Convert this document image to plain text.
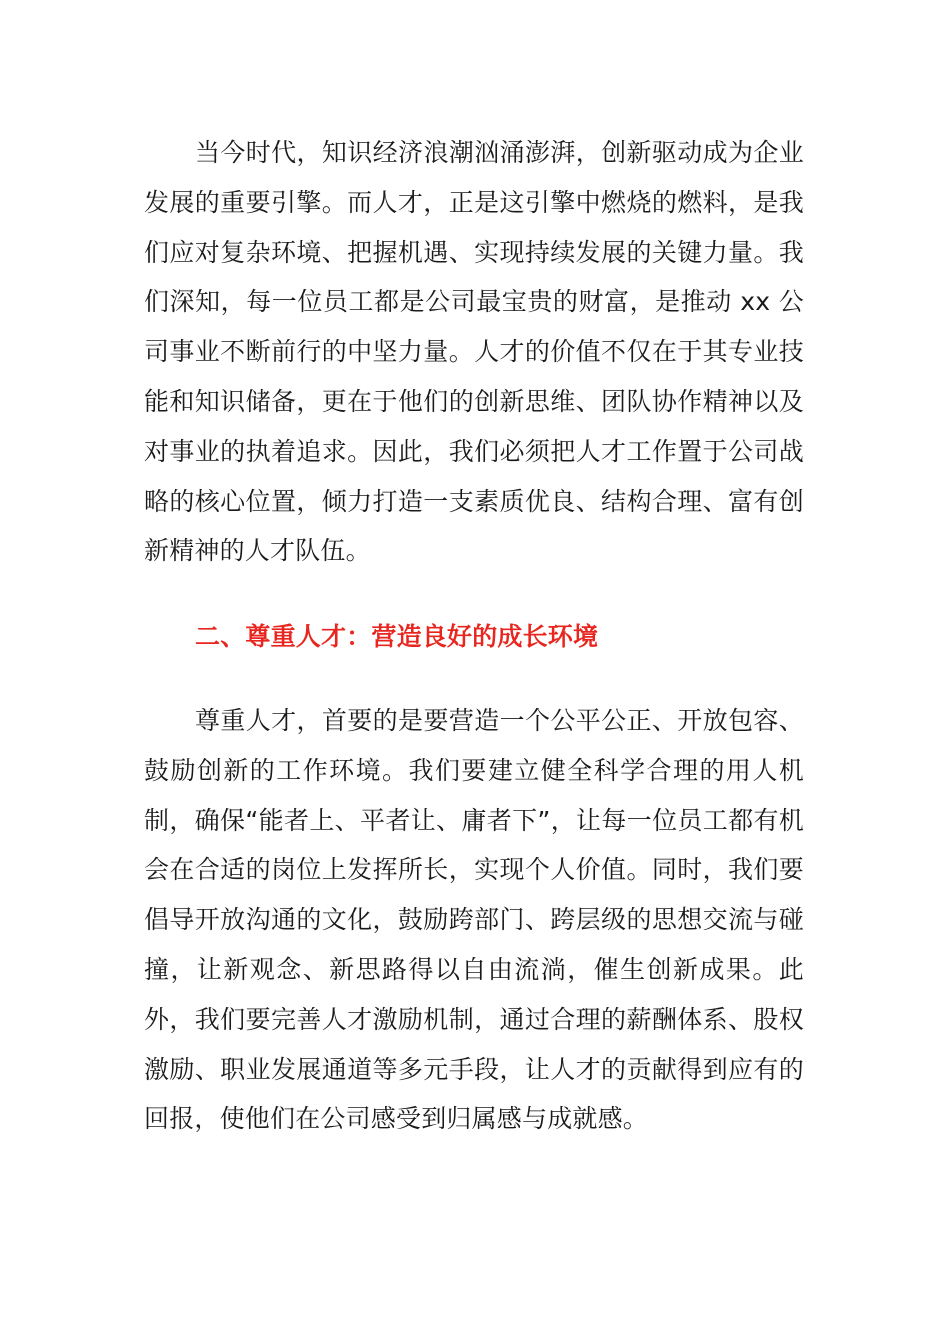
当今时代，知识经济浪潮汹涌澎湃，创新驱动成为企业发展的重要引擎。而人才，正是这引擎中燃烧的燃料，是我们应对复杂环境、把握机遇、实现持续发展的关键力量。我们深知，每一位员工都是公司最宝贵的财富，是推动 xx 公司事业不断前行的中坚力量。人才的价值不仅在于其专业技能和知识储备，更在于他们的创新思维、团队协作精神以及对事业的执着追求。因此，我们必须把人才工作置于公司战略的核心位置，倾力打造一支素质优良、结构合理、富有创新精神的人才队伍。

二、尊重人才：营造良好的成长环境

尊重人才，首要的是要营造一个公平公正、开放包容、鼓励创新的工作环境。我们要建立健全科学合理的用人机制，确保“能者上、平者让、庸者下”，让每一位员工都有机会在合适的岗位上发挥所长，实现个人价值。同时，我们要倡导开放沟通的文化，鼓励跨部门、跨层级的思想交流与碰撞，让新观念、新思路得以自由流淌，催生创新成果。此外，我们要完善人才激励机制，通过合理的薪酬体系、股权激励、职业发展通道等多元手段，让人才的贡献得到应有的回报，使他们在公司感受到归属感与成就感。
